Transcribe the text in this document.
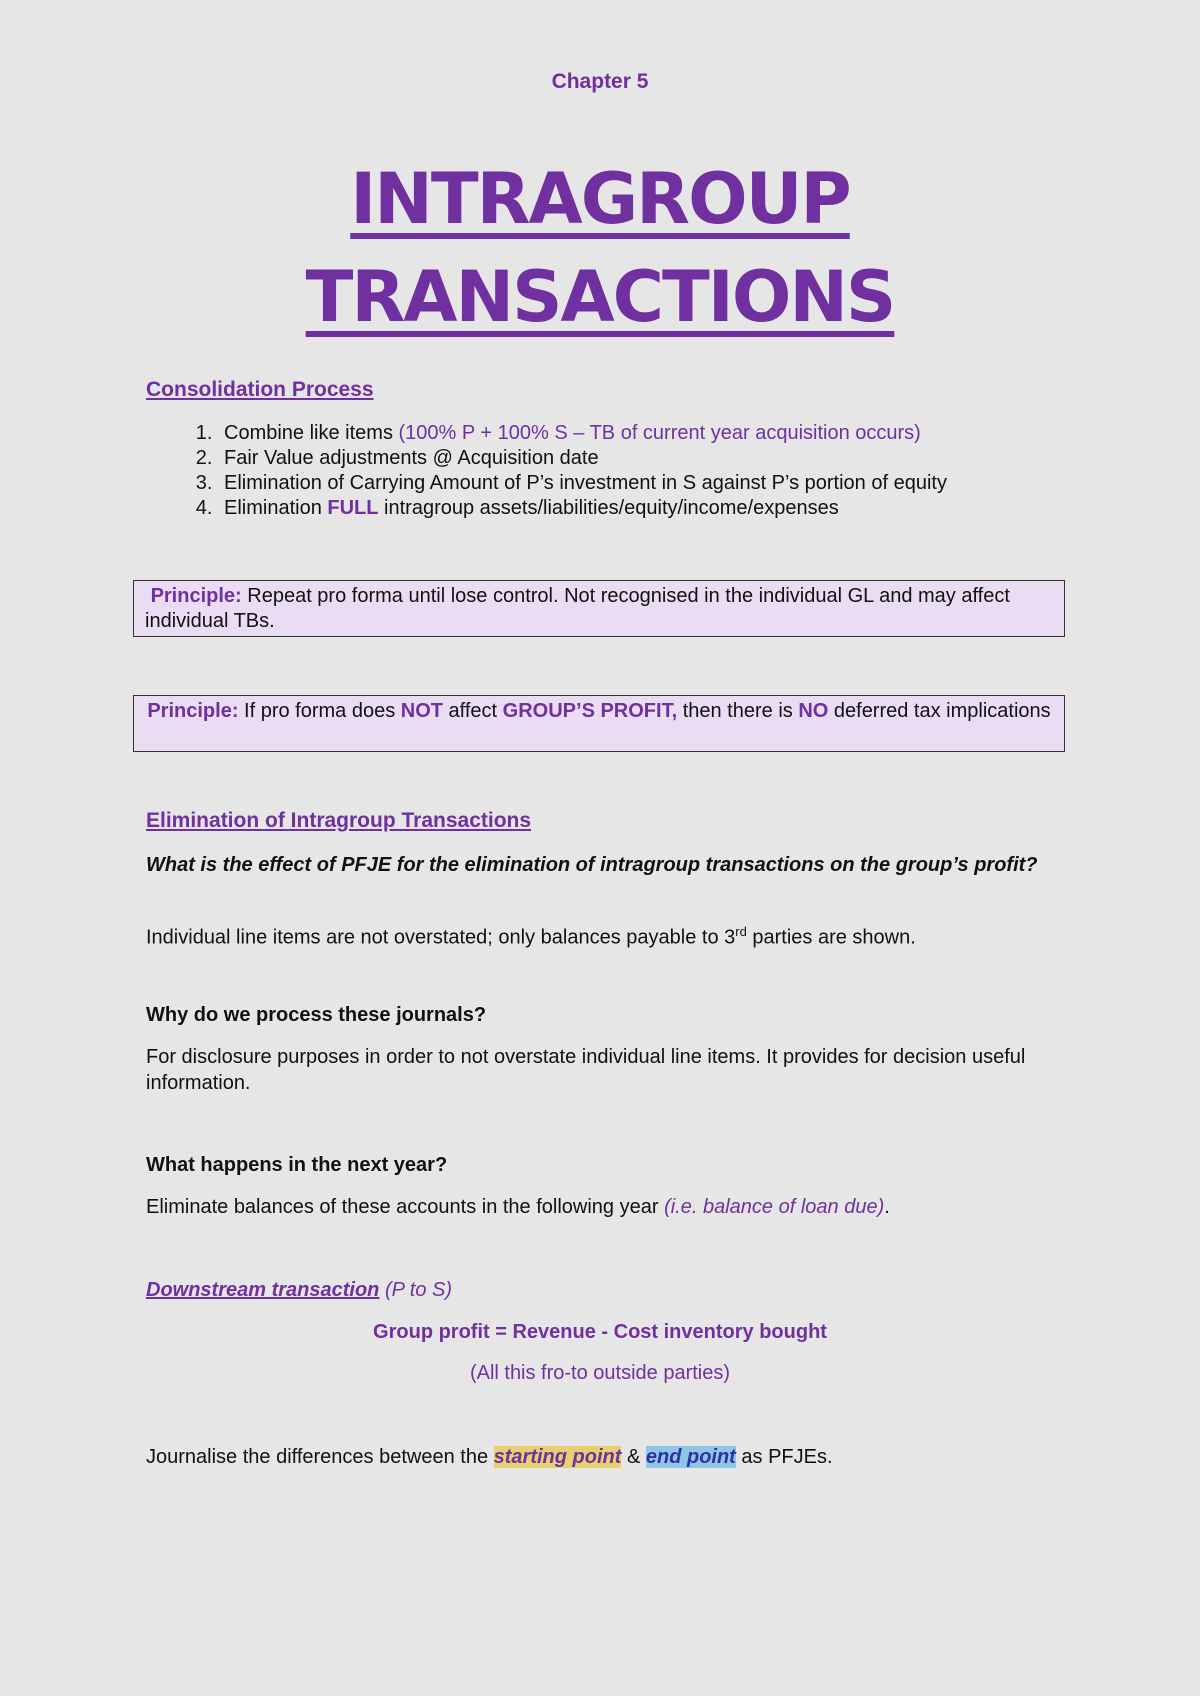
Chapter 5
INTRAGROUP
TRANSACTIONS
Consolidation Process
1. Combine like items (100% P + 100% S – TB of current year acquisition occurs)
2. Fair Value adjustments @ Acquisition date
3. Elimination of Carrying Amount of P’s investment in S against P’s portion of equity
4. Elimination FULL intragroup assets/liabilities/equity/income/expenses
Principle: Repeat pro forma until lose control. Not recognised in the individual GL and may affect individual TBs.
Principle: If pro forma does NOT affect GROUP’S PROFIT, then there is NO deferred tax implications
Elimination of Intragroup Transactions
What is the effect of PFJE for the elimination of intragroup transactions on the group’s profit?
Individual line items are not overstated; only balances payable to 3rd parties are shown.
Why do we process these journals?
For disclosure purposes in order to not overstate individual line items. It provides for decision useful information.
What happens in the next year?
Eliminate balances of these accounts in the following year (i.e. balance of loan due).
Downstream transaction (P to S)
Group profit = Revenue - Cost inventory bought
(All this fro-to outside parties)
Journalise the differences between the starting point & end point as PFJEs.
